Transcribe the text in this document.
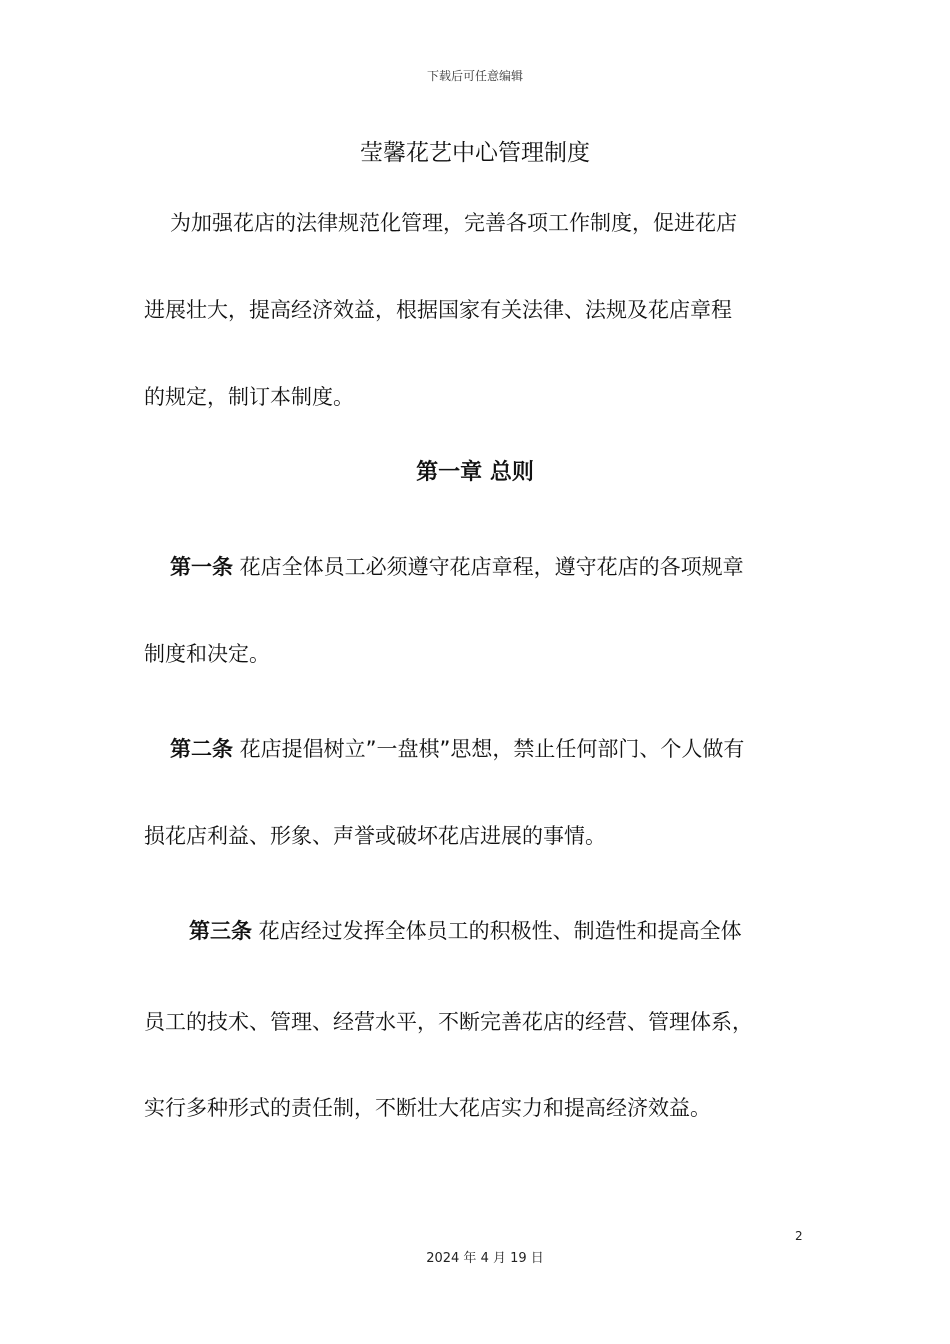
下载后可任意编辑
莹馨花艺中心管理制度
为加强花店的法律规范化管理，完善各项工作制度，促进花店
进展壮大，提高经济效益，根据国家有关法律、法规及花店章程
的规定，制订本制度。
第一章 总则
第一条 花店全体员工必须遵守花店章程，遵守花店的各项规章
制度和决定。
第二条 花店提倡树立”一盘棋”思想，禁止任何部门、个人做有
损花店利益、形象、声誉或破坏花店进展的事情。
第三条 花店经过发挥全体员工的积极性、制造性和提高全体
员工的技术、管理、经营水平，不断完善花店的经营、管理体系，
实行多种形式的责任制，不断壮大花店实力和提高经济效益。
2
2024 年 4 月 19 日
